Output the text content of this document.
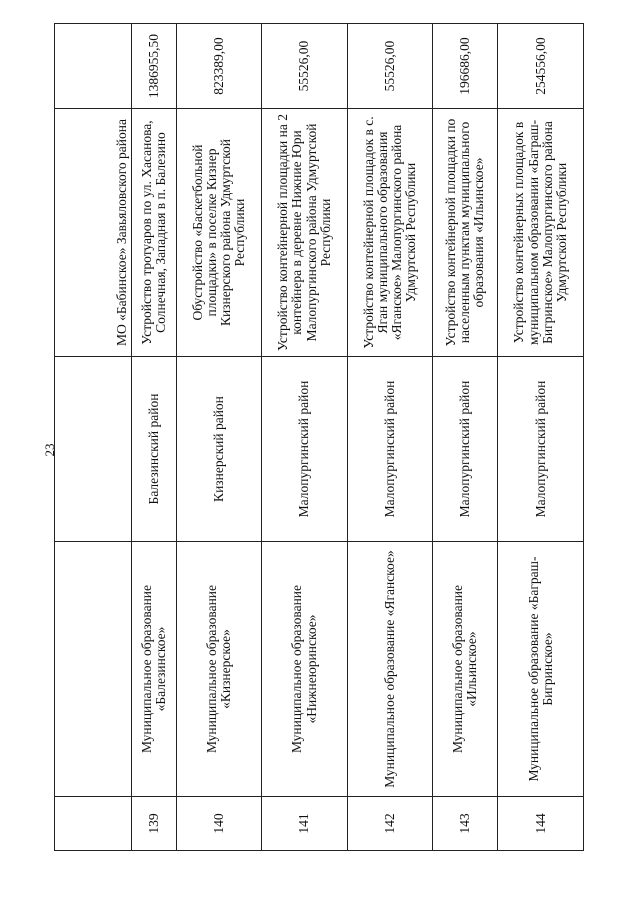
23

			МО «Бабинское» Завьяловского района	

139	Муниципальное образование «Балезинское»	Балезинский район	Устройство тротуаров по ул. Хасанова, Солнечная, Западная в п. Балезино	1386955,50
140	Муниципальное образование «Кизнерское»	Кизнерский район	Обустройство «Баскетбольной площадки» в поселке Кизнер Кизнерского района Удмуртской Республики	823389,00
141	Муниципальное образование «Нижнеюринское»	Малопургинский район	Устройство контейнерной площадки на 2 контейнера в деревне Нижние Юри Малопургинского района Удмуртской Республики	55526,00
142	Муниципальное образование «Яганское»	Малопургинский район	Устройство контейнерной площадок в с. Яган муниципального образования «Яганское» Малопургинского района Удмуртской Республики	55526,00
143	Муниципальное образование «Ильинское»	Малопургинский район	Устройство контейнерной площадки по населенным пунктам муниципального образования «Ильинское»	196686,00
144	Муниципальное образование «Баграш-Бигринское»	Малопургинский район	Устройство контейнерных площадок в муниципальном образовании «Баграш-Бигринское» Малопургинского района Удмуртской Республики	254556,00
